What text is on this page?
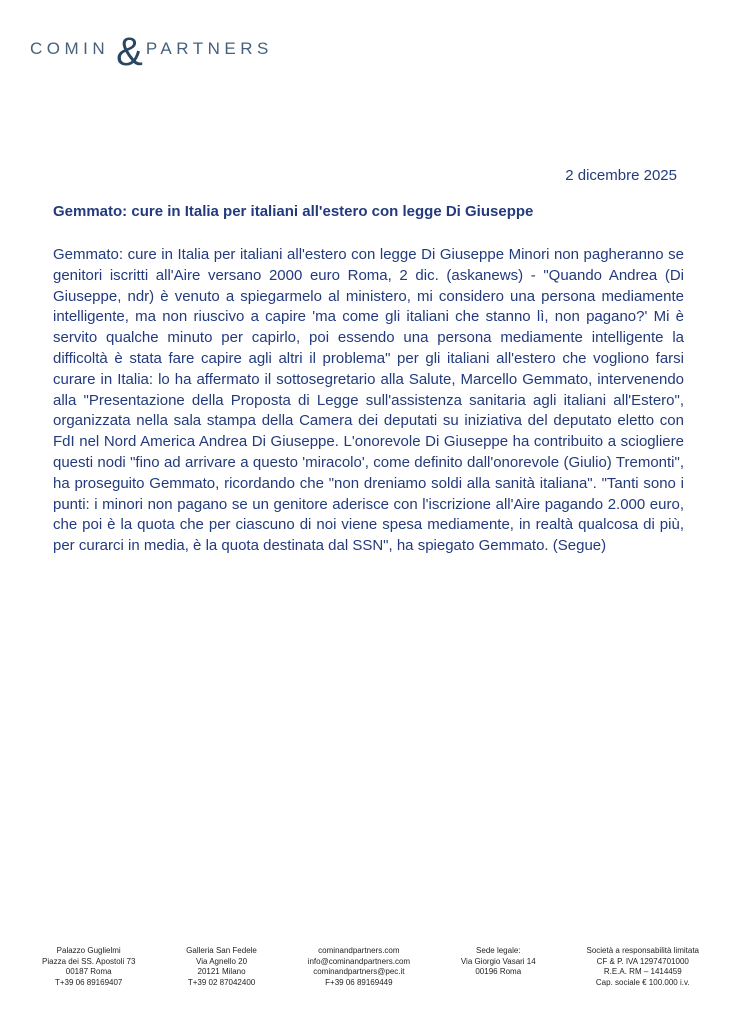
COMIN & PARTNERS
2 dicembre 2025
Gemmato: cure in Italia per italiani all'estero con legge Di Giuseppe

Gemmato: cure in Italia per italiani all'estero con legge Di Giuseppe Minori non pagheranno se genitori iscritti all'Aire versano 2000 euro Roma, 2 dic. (askanews) - "Quando Andrea (Di Giuseppe, ndr) è venuto a spiegarmelo al ministero, mi considero una persona mediamente intelligente, ma non riuscivo a capire 'ma come gli italiani che stanno lì, non pagano?' Mi è servito qualche minuto per capirlo, poi essendo una persona mediamente intelligente la difficoltà è stata fare capire agli altri il problema" per gli italiani all'estero che vogliono farsi curare in Italia: lo ha affermato il sottosegretario alla Salute, Marcello Gemmato, intervenendo alla "Presentazione della Proposta di Legge sull'assistenza sanitaria agli italiani all'Estero", organizzata nella sala stampa della Camera dei deputati su iniziativa del deputato eletto con FdI nel Nord America Andrea Di Giuseppe. L'onorevole Di Giuseppe ha contribuito a sciogliere questi nodi "fino ad arrivare a questo 'miracolo', come definito dall'onorevole (Giulio) Tremonti", ha proseguito Gemmato, ricordando che "non dreniamo soldi alla sanità italiana". "Tanti sono i punti: i minori non pagano se un genitore aderisce con l'iscrizione all'Aire pagando 2.000 euro, che poi è la quota che per ciascuno di noi viene spesa mediamente, in realtà qualcosa di più, per curarci in media, è la quota destinata dal SSN", ha spiegato Gemmato. (Segue)

Palazzo Guglielmi
Piazza dei SS. Apostoli 73
00187 Roma
T+39 06 89169407
Galleria San Fedele
Via Agnello 20
20121 Milano
T+39 02 87042400
cominandpartners.com
info@cominandpartners.com
cominandpartners@pec.it
F+39 06 89169449
Sede legale:
Via Giorgio Vasari 14
00196 Roma
Società a responsabilità limitata
CF & P. IVA 12974701000
R.E.A. RM – 1414459
Cap. sociale € 100.000 i.v.
